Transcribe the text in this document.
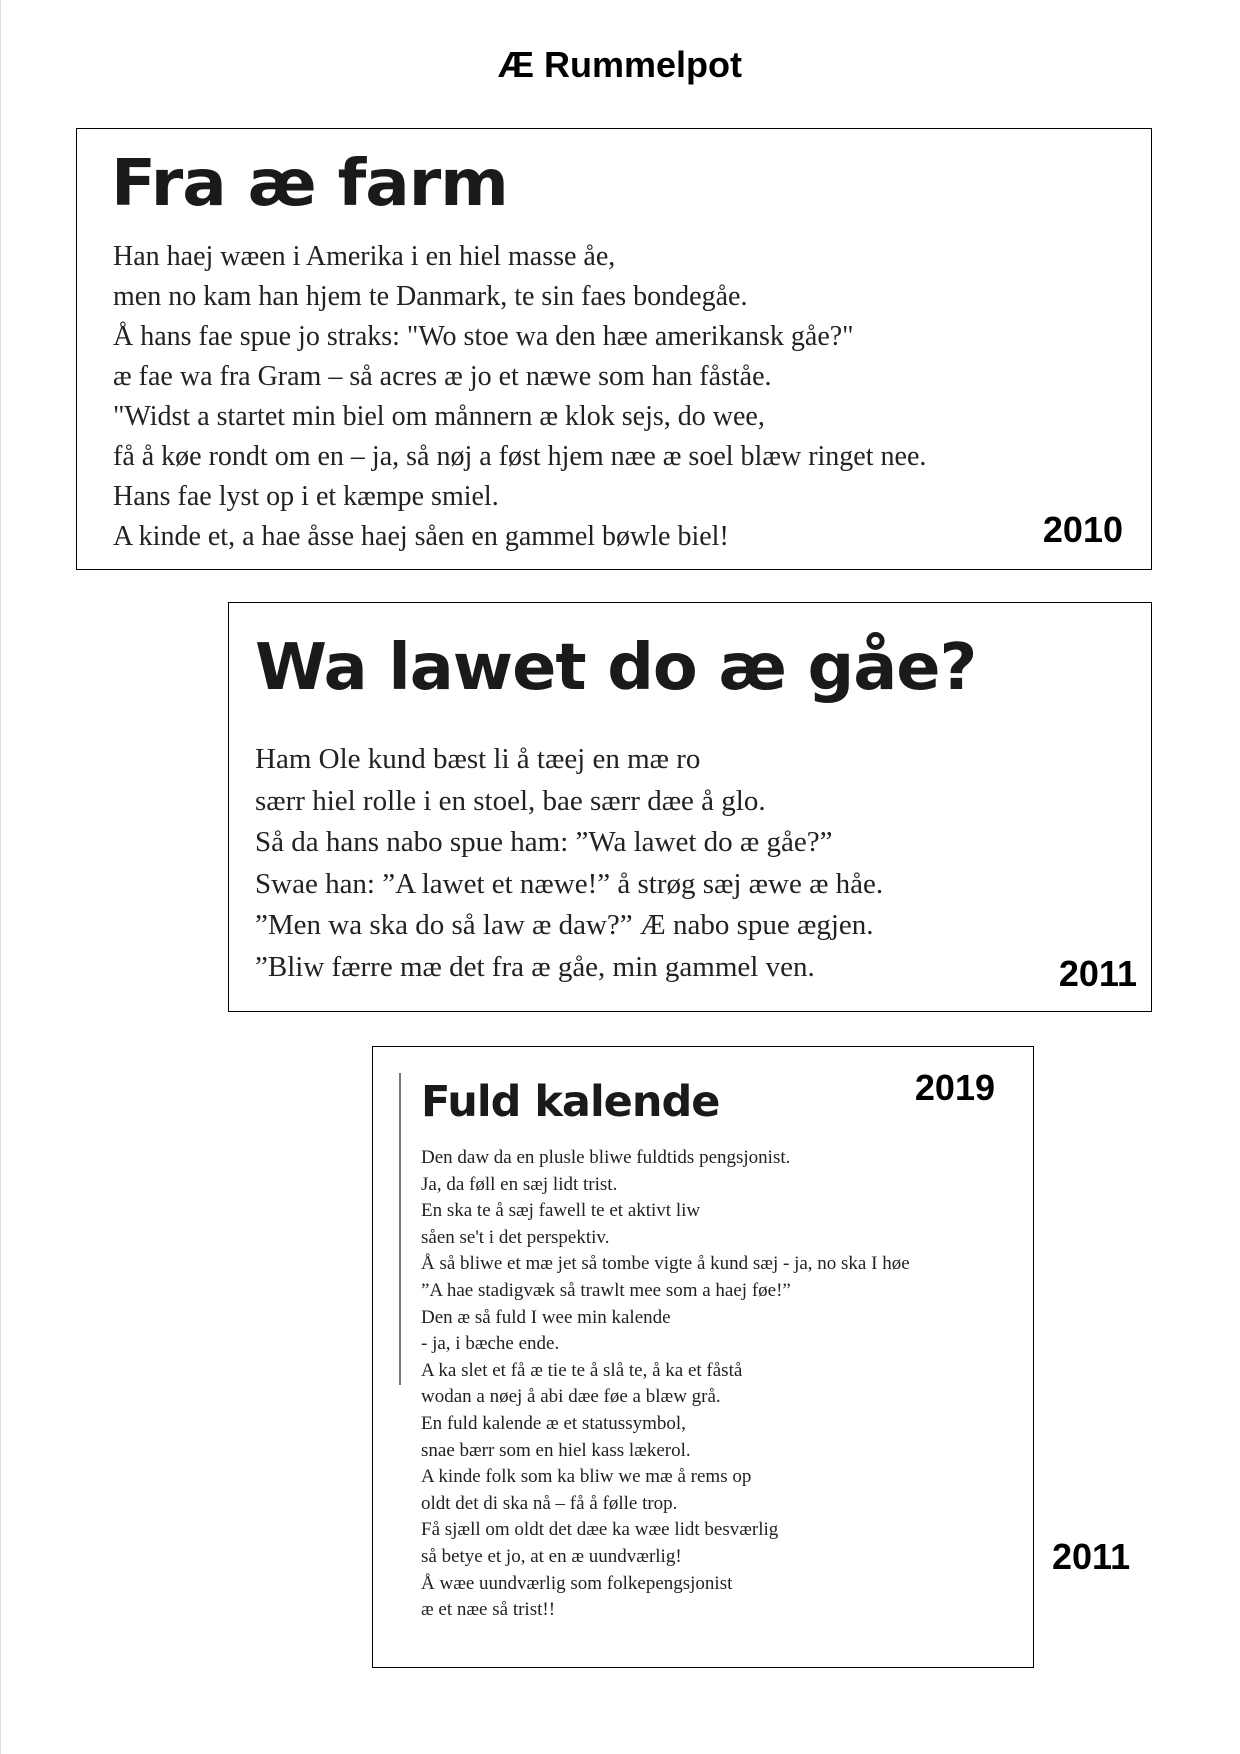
Æ Rummelpot
Fra æ farm
Han haej wæen i Amerika i en hiel masse åe,
men no kam han hjem te Danmark, te sin faes bondegåe.
Å hans fae spue jo straks: "Wo stoe wa den hæe amerikansk gåe?"
æ fae wa fra Gram – så acres æ jo et næwe som han fåståe.
"Widst a startet min biel om månnern æ klok sejs, do wee,
få å køe rondt om en – ja, så nøj a føst hjem næe æ soel blæw ringet nee.
Hans fae lyst op i et kæmpe smiel.
A kinde et, a hae åsse haej såen en gammel bøwle biel!	2010
Wa lawet do æ gåe?
Ham Ole kund bæst li å tæej en mæ ro
særr hiel rolle i en stoel, bae særr dæe å glo.
Så da hans nabo spue ham: ”Wa lawet do æ gåe?”
Swae han: ”A lawet et næwe!” å strøg sæj æwe æ håe.
”Men wa ska do så law æ daw?” Æ nabo spue ægjen.
”Bliw færre mæ det fra æ gåe, min gammel ven.	2011
Fuld kalende	2019
Den daw da en plusle bliwe fuldtids pengsjonist.
Ja, da føll en sæj lidt trist.
En ska te å sæj fawell te et aktivt liw
såen se't i det perspektiv.
Å så bliwe et mæ jet så tombe vigte å kund sæj - ja, no ska I høe
”A hae stadigvæk så trawlt mee som a haej føe!”
Den æ så fuld I wee min kalende
- ja, i bæche ende.
A ka slet et få æ tie te å slå te, å ka et fåstå
wodan a nøej å abi dæe føe a blæw grå.
En fuld kalende æ et statussymbol,
snae bærr som en hiel kass lækerol.
A kinde folk som ka bliw we mæ å rems op
oldt det di ska nå – få å følle trop.
Få sjæll om oldt det dæe ka wæe lidt besværlig
så betye et jo, at en æ uundværlig!
Å wæe uundværlig som folkepengsjonist
æ et næe så trist!!
2011
